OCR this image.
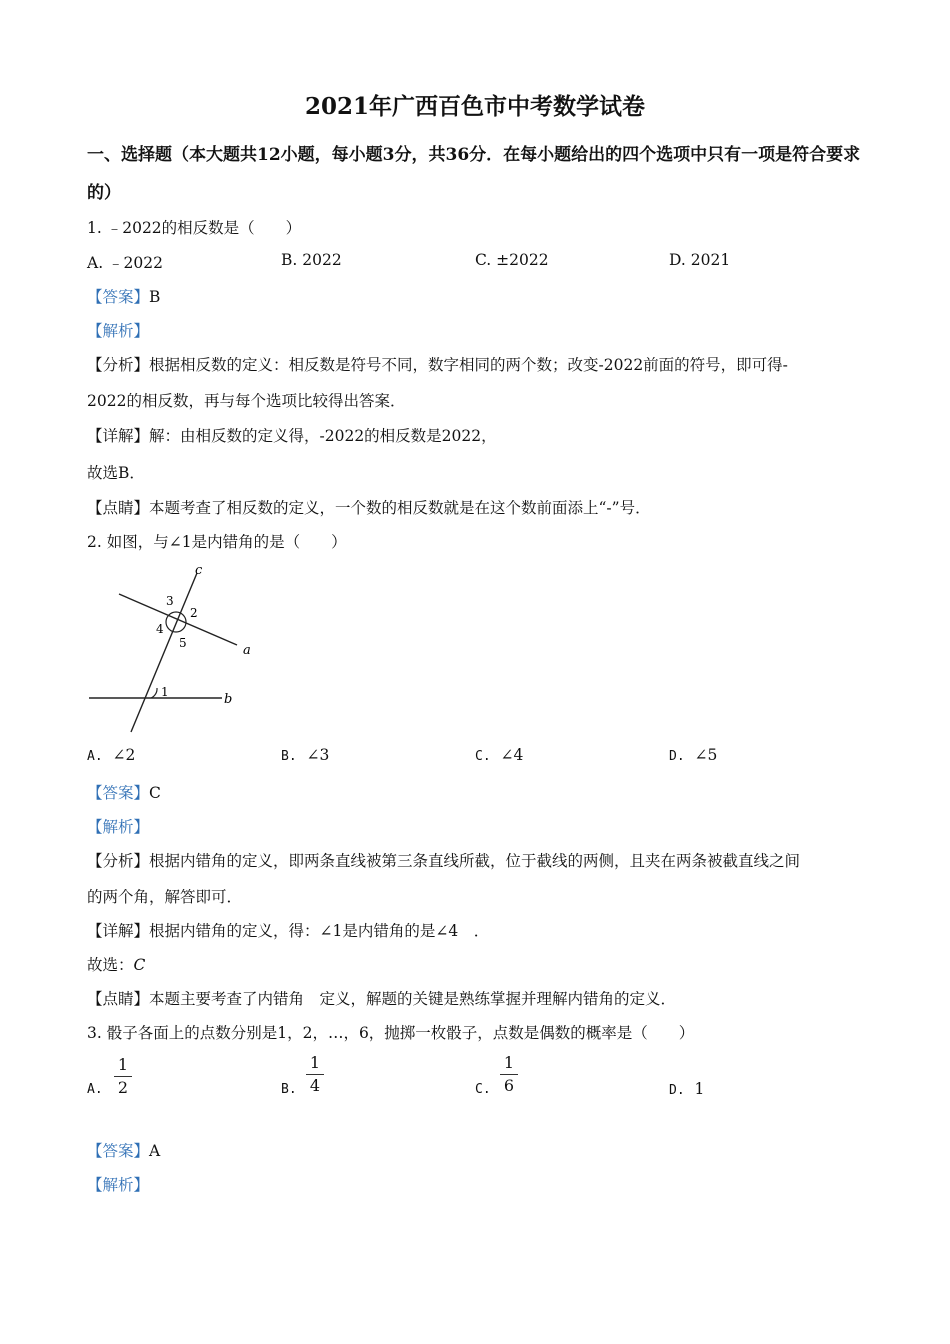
2021年广西百色市中考数学试卷
一、选择题（本大题共12小题，每小题3分，共36分．在每小题给出的四个选项中只有一项是符合要求的）
1. ﹣2022的相反数是（　　）
A. ﹣2022	B. 2022	C. ±2022	D. 2021
【答案】B
【解析】
【分析】根据相反数的定义：相反数是符号不同，数字相同的两个数；改变-2022前面的符号，即可得-
2022的相反数，再与每个选项比较得出答案．
【详解】解：由相反数的定义得，-2022的相反数是2022，
故选B．
【点睛】本题考查了相反数的定义，一个数的相反数就是在这个数前面添上“-”号．
2. 如图，与∠1是内错角的是（　　）
c
a
b
1
2
3
4
5
A. ∠2	B. ∠3	C. ∠4	D. ∠5
【答案】C
【解析】
【分析】根据内错角的定义，即两条直线被第三条直线所截，位于截线的两侧，且夹在两条被截直线之间
的两个角，解答即可．
【详解】根据内错角的定义，得：∠1是内错角的是∠4　．
故选：C
【点睛】本题主要考查了内错角　定义，解题的关键是熟练掌握并理解内错角的定义．
3. 骰子各面上的点数分别是1，2，…，6，抛掷一枚骰子，点数是偶数的概率是（　　）
A.
1
2	B.
1
4	C.
1
6	D. 1
【答案】A
【解析】
